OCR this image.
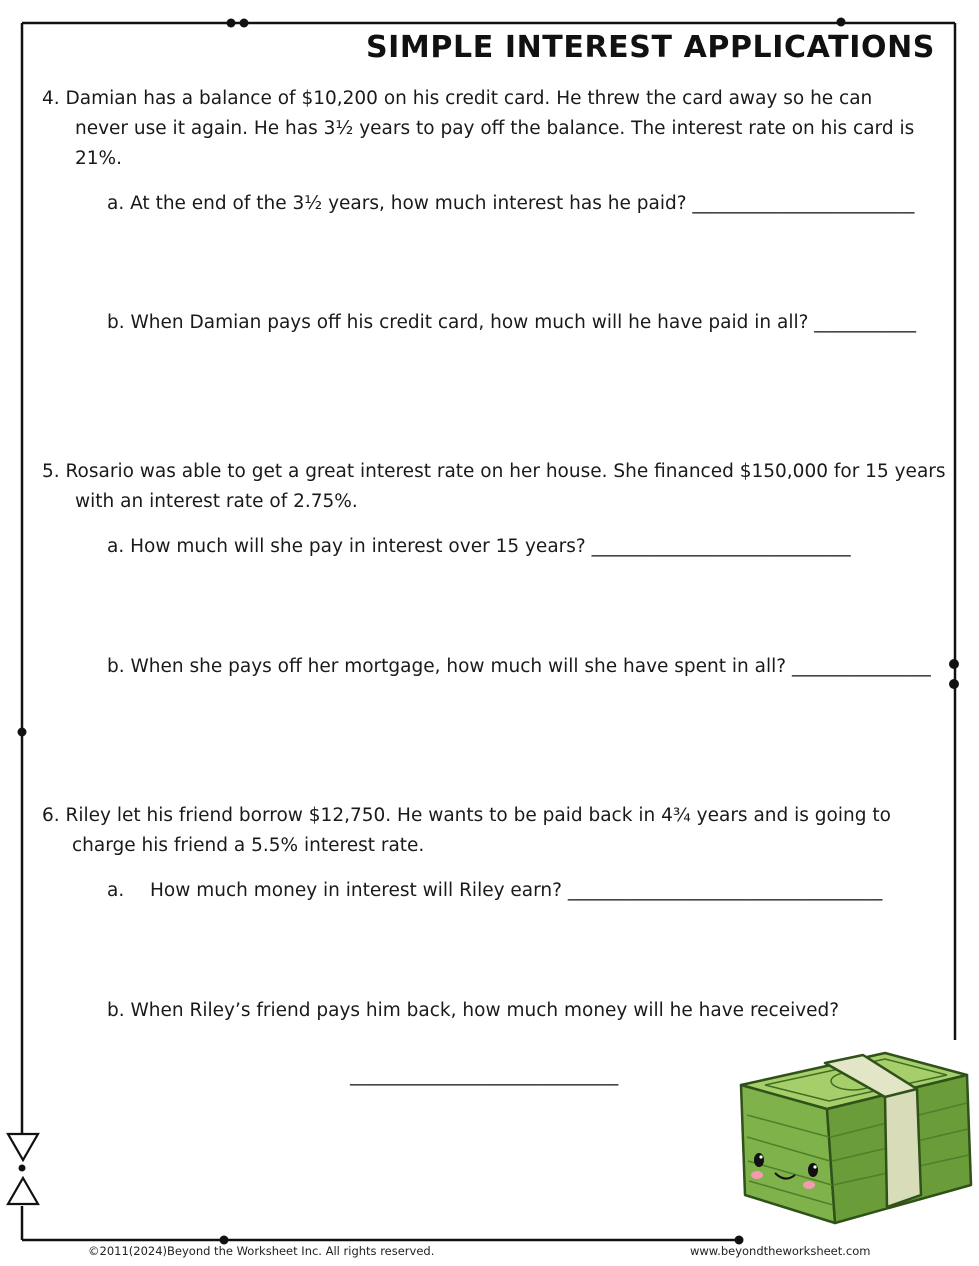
SIMPLE INTEREST APPLICATIONS
4. Damian has a balance of $10,200 on his credit card. He threw the card away so he can
never use it again. He has 3½ years to pay off the balance. The interest rate on his card is
21%.
a. At the end of the 3½ years, how much interest has he paid? ________________________
b. When Damian pays off his credit card, how much will he have paid in all? ___________
5. Rosario was able to get a great interest rate on her house. She financed $150,000 for 15 years
with an interest rate of 2.75%.
a. How much will she pay in interest over 15 years? ____________________________
b. When she pays off her mortgage, how much will she have spent in all? _______________
6. Riley let his friend borrow $12,750. He wants to be paid back in 4¾ years and is going to
charge his friend a 5.5% interest rate.
a. How much money in interest will Riley earn? __________________________________
b. When Riley’s friend pays him back, how much money will he have received?
_____________________________
©2011(2024)Beyond the Worksheet Inc. All rights reserved.	www.beyondtheworksheet.com
